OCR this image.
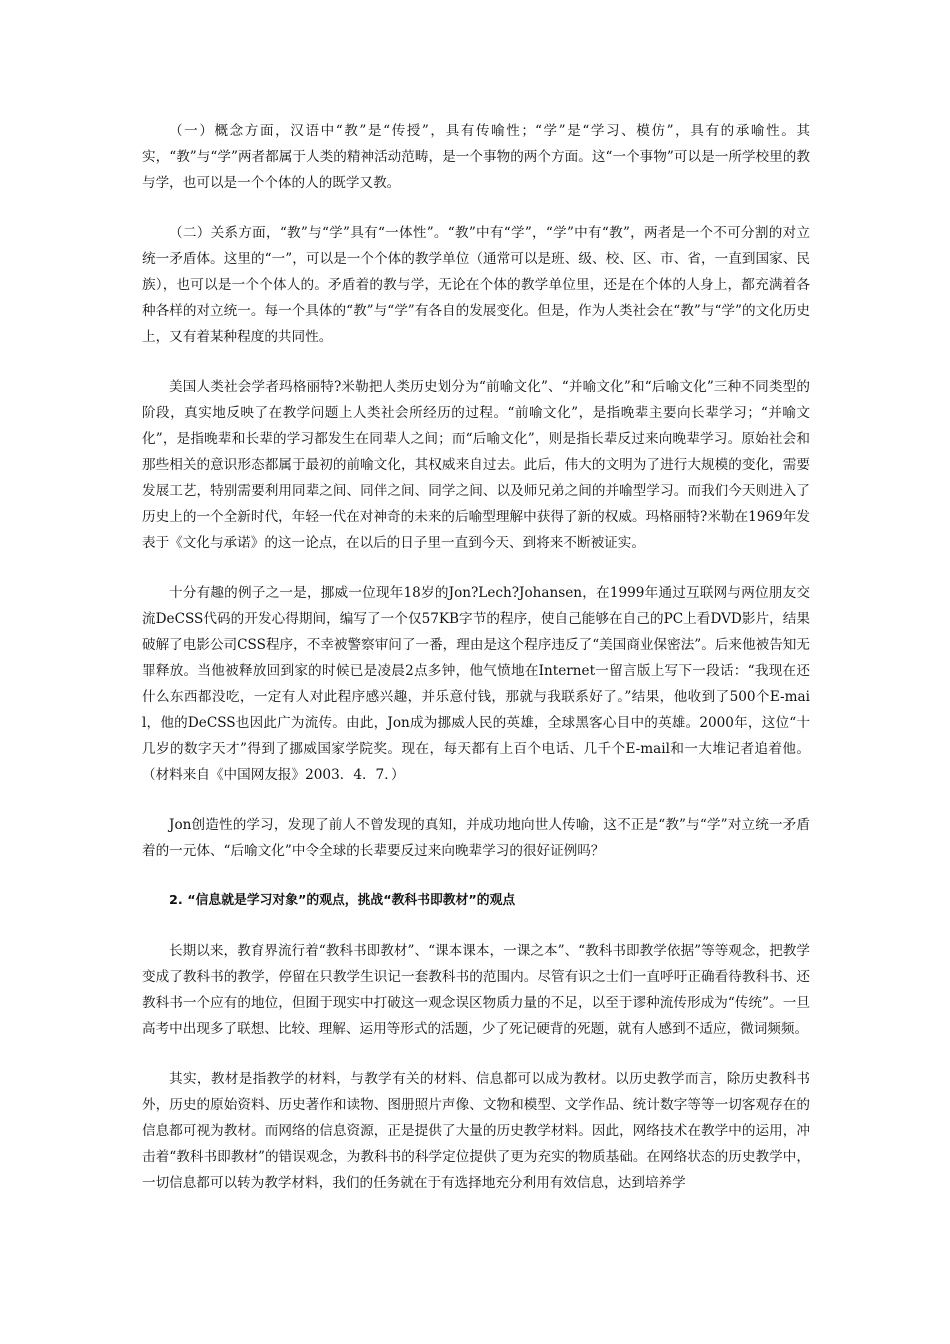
（一）概念方面，汉语中“教”是“传授”，具有传喻性；“学”是“学习、模仿”，具有的承喻性。其实，“教”与“学”两者都属于人类的精神活动范畴，是一个事物的两个方面。这“一个事物”可以是一所学校里的教与学，也可以是一个个体的人的既学又教。

（二）关系方面，“教”与“学”具有“一体性”。“教”中有“学”，“学”中有“教”，两者是一个不可分割的对立统一矛盾体。这里的“一”，可以是一个个体的教学单位（通常可以是班、级、校、区、市、省，一直到国家、民族），也可以是一个个体人的。矛盾着的教与学，无论在个体的教学单位里，还是在个体的人身上，都充满着各种各样的对立统一。每一个具体的“教”与“学”有各自的发展变化。但是，作为人类社会在“教”与“学”的文化历史上，又有着某种程度的共同性。

美国人类社会学者玛格丽特?米勒把人类历史划分为“前喻文化”、“并喻文化”和“后喻文化”三种不同类型的阶段，真实地反映了在教学问题上人类社会所经历的过程。“前喻文化”，是指晚辈主要向长辈学习；“并喻文化”，是指晚辈和长辈的学习都发生在同辈人之间；而“后喻文化”，则是指长辈反过来向晚辈学习。原始社会和那些相关的意识形态都属于最初的前喻文化，其权威来自过去。此后，伟大的文明为了进行大规模的变化，需要发展工艺，特别需要利用同辈之间、同伴之间、同学之间、以及师兄弟之间的并喻型学习。而我们今天则进入了历史上的一个全新时代，年轻一代在对神奇的未来的后喻型理解中获得了新的权威。玛格丽特?米勒在1969年发表于《文化与承诺》的这一论点，在以后的日子里一直到今天、到将来不断被证实。

十分有趣的例子之一是，挪威一位现年18岁的Jon?Lech?Johansen，在1999年通过互联网与两位朋友交流DeCSS代码的开发心得期间，编写了一个仅57KB字节的程序，使自己能够在自己的PC上看DVD影片，结果破解了电影公司CSS程序，不幸被警察审问了一番，理由是这个程序违反了“美国商业保密法”。后来他被告知无罪释放。当他被释放回到家的时候已是凌晨2点多钟，他气愤地在Internet一留言版上写下一段话：“我现在还什么东西都没吃，一定有人对此程序感兴趣，并乐意付钱，那就与我联系好了。”结果，他收到了500个E-mail，他的DeCSS也因此广为流传。由此，Jon成为挪威人民的英雄，全球黑客心目中的英雄。2000年，这位“十几岁的数字天才”得到了挪威国家学院奖。现在，每天都有上百个电话、几千个E-mail和一大堆记者追着他。（材料来自《中国网友报》2003．4．7．）

Jon创造性的学习，发现了前人不曾发现的真知，并成功地向世人传喻，这不正是“教”与“学”对立统一矛盾着的一元体、“后喻文化”中令全球的长辈要反过来向晚辈学习的很好证例吗？

2. “信息就是学习对象”的观点，挑战“教科书即教材”的观点

长期以来，教育界流行着“教科书即教材”、“课本课本，一课之本”、“教科书即教学依据”等等观念，把教学变成了教科书的教学，停留在只教学生识记一套教科书的范围内。尽管有识之士们一直呼吁正确看待教科书、还教科书一个应有的地位，但囿于现实中打破这一观念误区物质力量的不足，以至于谬种流传形成为“传统”。一旦高考中出现多了联想、比较、理解、运用等形式的活题，少了死记硬背的死题，就有人感到不适应，微词频频。

其实，教材是指教学的材料，与教学有关的材料、信息都可以成为教材。以历史教学而言，除历史教科书外，历史的原始资料、历史著作和读物、图册照片声像、文物和模型、文学作品、统计数字等等一切客观存在的信息都可视为教材。而网络的信息资源，正是提供了大量的历史教学材料。因此，网络技术在教学中的运用，冲击着“教科书即教材”的错误观念，为教科书的科学定位提供了更为充实的物质基础。在网络状态的历史教学中，一切信息都可以转为教学材料，我们的任务就在于有选择地充分利用有效信息，达到培养学
